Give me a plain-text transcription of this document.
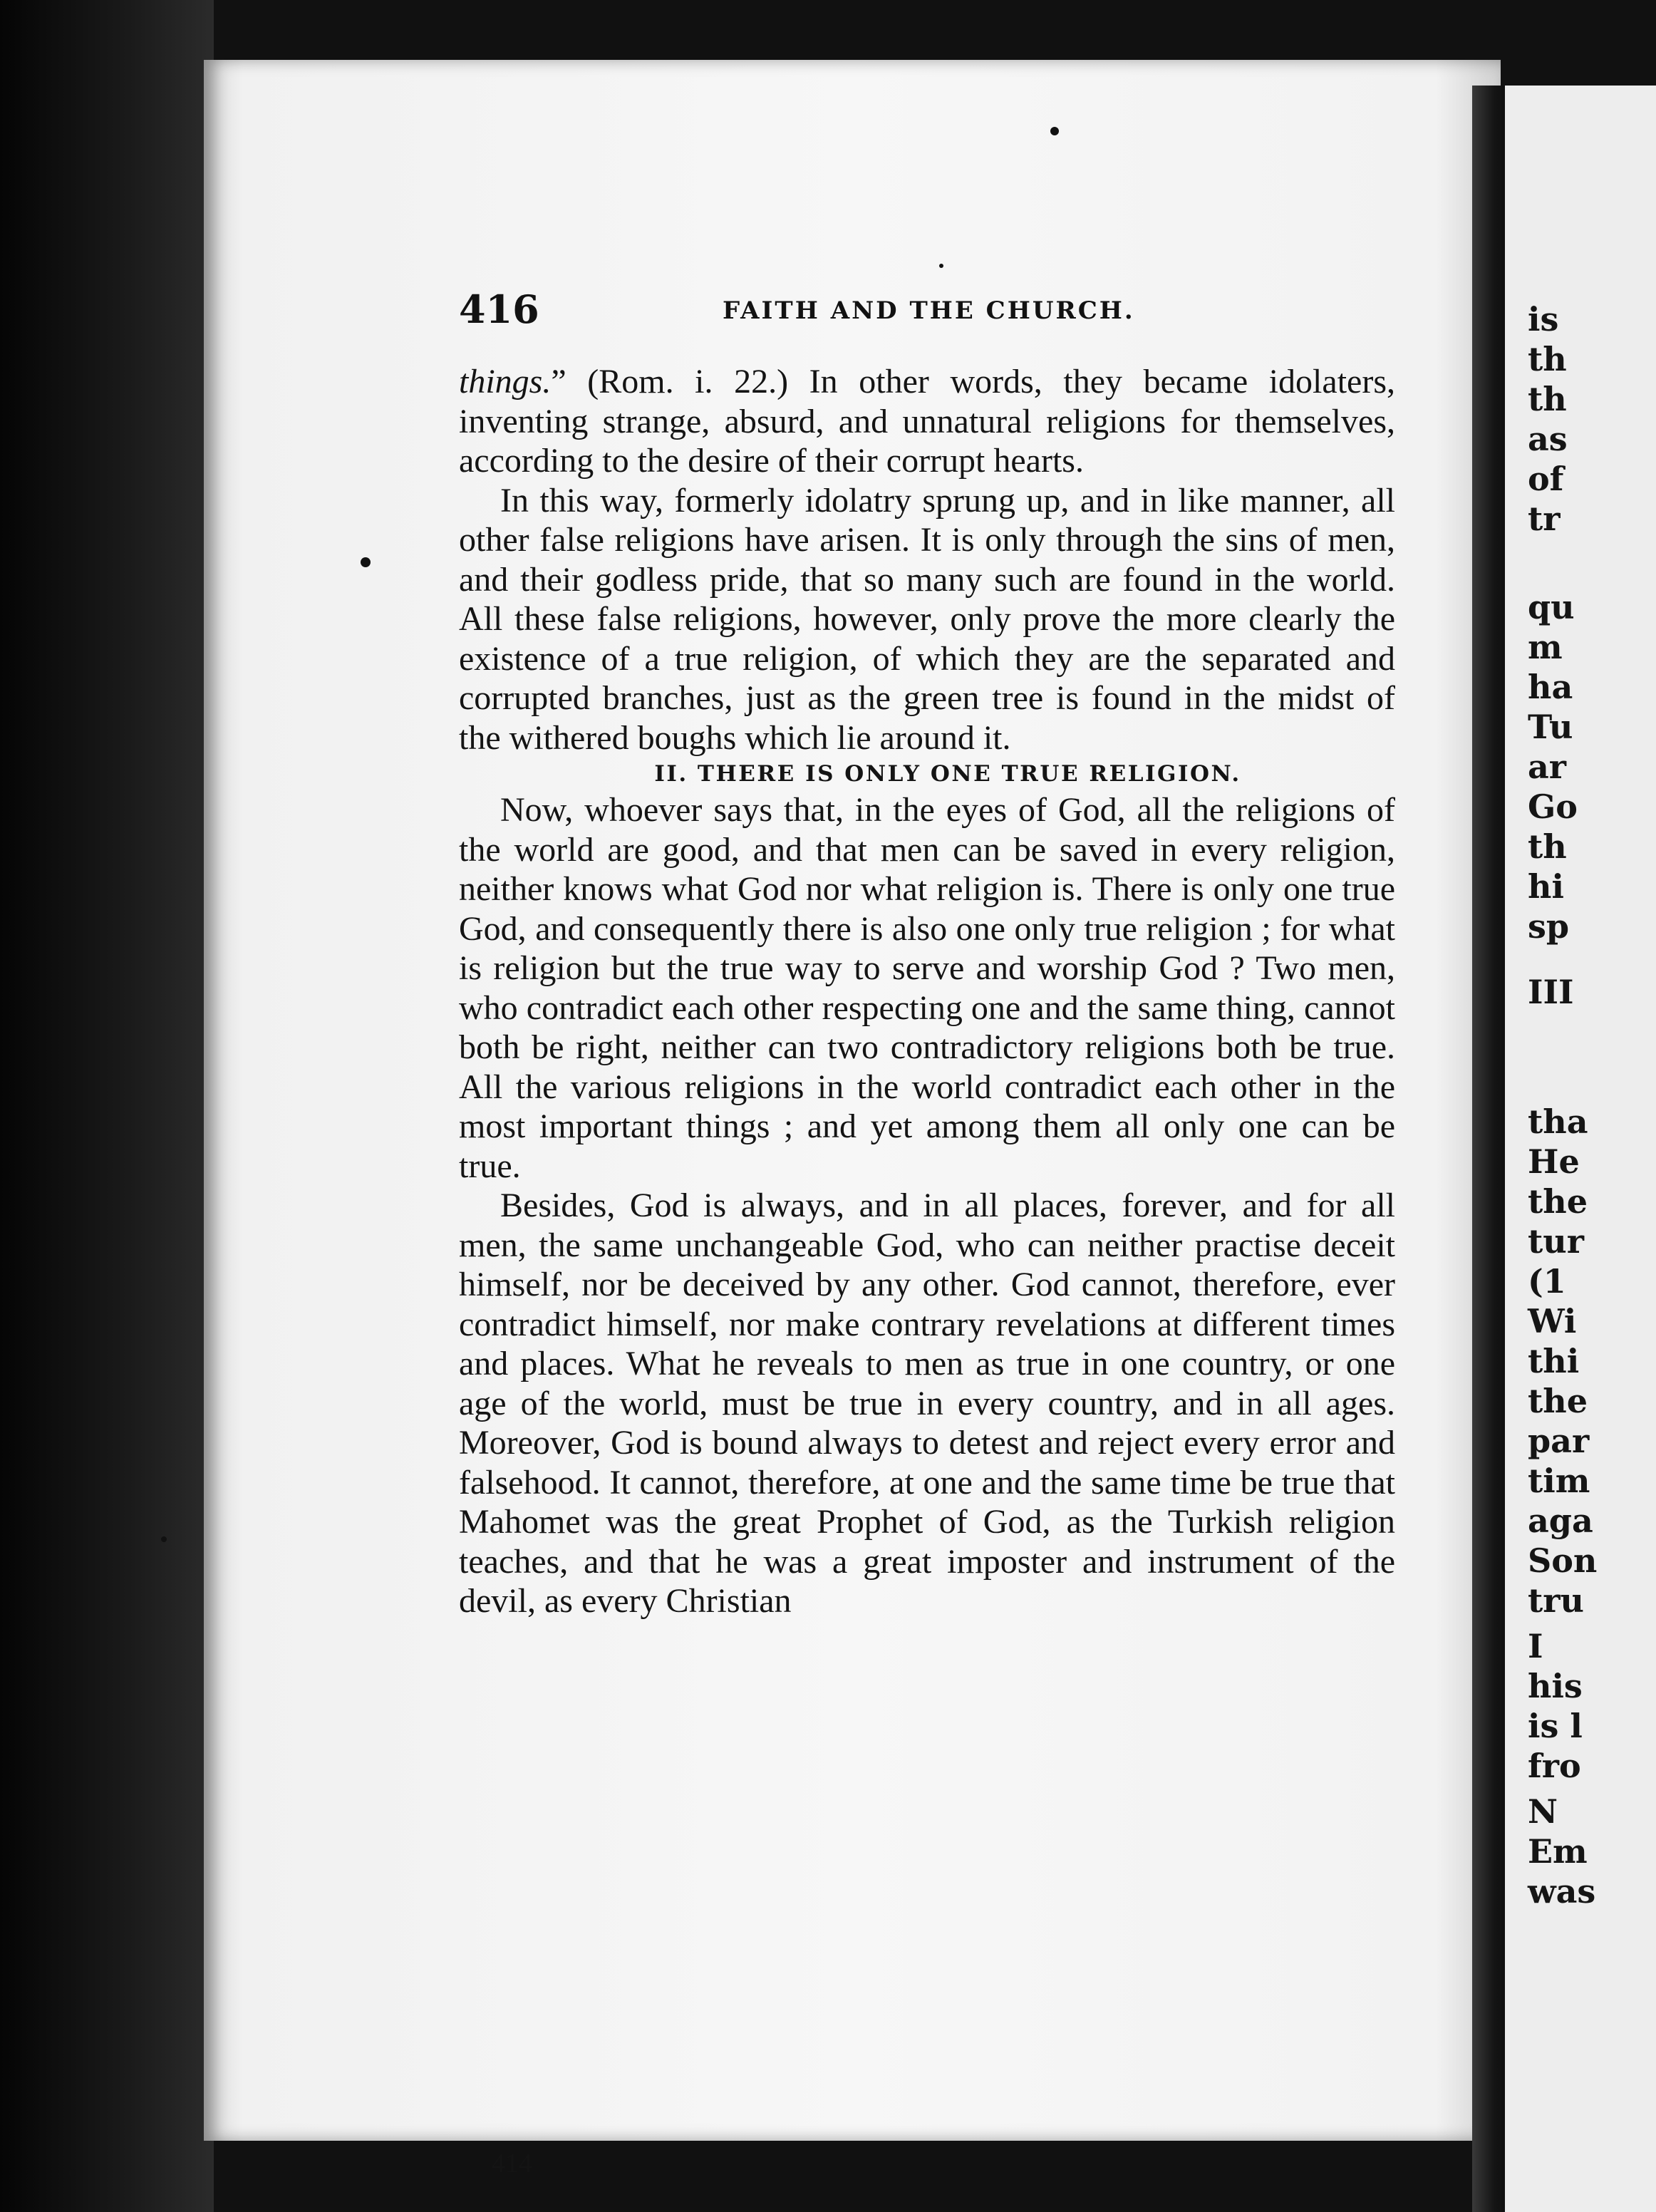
416	FAITH AND THE CHURCH.

things.” (Rom. i. 22.) In other words, they became idolaters, inventing strange, absurd, and unnatural religions for themselves, according to the desire of their corrupt hearts.

In this way, formerly idolatry sprung up, and in like manner, all other false religions have arisen. It is only through the sins of men, and their godless pride, that so many such are found in the world. All these false religions, however, only prove the more clearly the existence of a true religion, of which they are the separated and corrupted branches, just as the green tree is found in the midst of the withered boughs which lie around it.

II. THERE IS ONLY ONE TRUE RELIGION.

Now, whoever says that, in the eyes of God, all the religions of the world are good, and that men can be saved in every religion, neither knows what God nor what religion is. There is only one true God, and consequently there is also one only true religion ; for what is religion but the true way to serve and worship God ? Two men, who contradict each other respecting one and the same thing, cannot both be right, neither can two contradictory religions both be true. All the various religions in the world contradict each other in the most important things ; and yet among them all only one can be true.

Besides, God is always, and in all places, forever, and for all men, the same unchangeable God, who can neither practise deceit himself, nor be deceived by any other. God cannot, therefore, ever contradict himself, nor make contrary revelations at different times and places. What he reveals to men as true in one country, or one age of the world, must be true in every country, and in all ages. Moreover, God is bound always to detest and reject every error and falsehood. It cannot, therefore, at one and the same time be true that Mahomet was the great Prophet of God, as the Turkish religion teaches, and that he was a great imposter and instrument of the devil, as every Christian

414
is
th
th
as
of
tr
qu
m
ha
Tu
ar
Go
th
hi
sp
III
tha
He
the
tur
(1
Wi
thi
the
par
tim
aga
Son
tru
I
his
is l
fro
N
Em
was
